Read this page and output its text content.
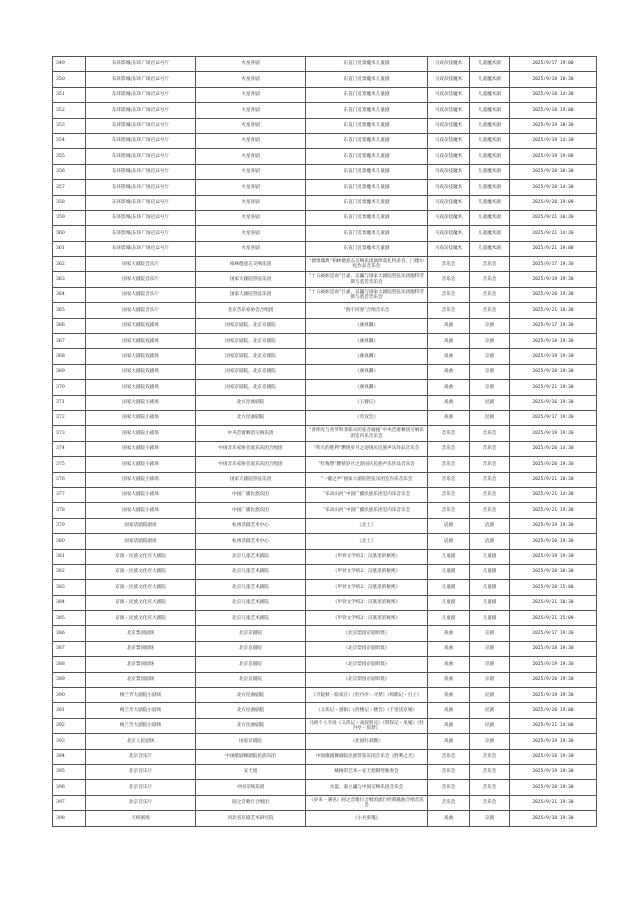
349	东环影城(东环广场店)2号厅	火星喜剧	东直门近景魔术儿童剧	马戏杂技魔术	儿童魔术剧	2025/9/17 19:00
350	东环影城(东环广场店)2号厅	火星喜剧	东直门近景魔术儿童剧	马戏杂技魔术	儿童魔术剧	2025/9/18 10:30
351	东环影城(东环广场店)2号厅	火星喜剧	东直门近景魔术儿童剧	马戏杂技魔术	儿童魔术剧	2025/9/18 14:30
352	东环影城(东环广场店)2号厅	火星喜剧	东直门近景魔术儿童剧	马戏杂技魔术	儿童魔术剧	2025/9/18 19:00
353	东环影城(东环广场店)2号厅	火星喜剧	东直门近景魔术儿童剧	马戏杂技魔术	儿童魔术剧	2025/9/19 10:30
354	东环影城(东环广场店)2号厅	火星喜剧	东直门近景魔术儿童剧	马戏杂技魔术	儿童魔术剧	2025/9/19 14:30
355	东环影城(东环广场店)2号厅	火星喜剧	东直门近景魔术儿童剧	马戏杂技魔术	儿童魔术剧	2025/9/19 19:00
356	东环影城(东环广场店)2号厅	火星喜剧	东直门近景魔术儿童剧	马戏杂技魔术	儿童魔术剧	2025/9/20 10:30
357	东环影城(东环广场店)2号厅	火星喜剧	东直门近景魔术儿童剧	马戏杂技魔术	儿童魔术剧	2025/9/20 14:30
358	东环影城(东环广场店)2号厅	火星喜剧	东直门近景魔术儿童剧	马戏杂技魔术	儿童魔术剧	2025/9/20 19:00
359	东环影城(东环广场店)2号厅	火星喜剧	东直门近景魔术儿童剧	马戏杂技魔术	儿童魔术剧	2025/9/21 10:30
360	东环影城(东环广场店)2号厅	火星喜剧	东直门近景魔术儿童剧	马戏杂技魔术	儿童魔术剧	2025/9/21 14:30
361	东环影城(东环广场店)2号厅	火星喜剧	东直门近景魔术儿童剧	马戏杂技魔术	儿童魔术剧	2025/9/21 19:00
362	国家大剧院音乐厅	柏林德意志交响乐团	“德奥瑰典”柏林德意志交响乐团演绎莫扎特多首、门德尔松作品音乐会	音乐会	音乐会	2025/9/17 19:30
363	国家大剧院音乐厅	国家大剧院管弦乐团	“十五载如是说”吕嘉、吴巍与国家大剧院管弦乐团施特劳斯与莫若音乐会	音乐会	音乐会	2025/9/19 19:30
364	国家大剧院音乐厅	国家大剧院管弦乐团	“十五载如是说”吕嘉、吴巍与国家大剧院管弦乐团施特劳斯与莫若音乐会	音乐会	音乐会	2025/9/20 19:30
365	国家大剧院音乐厅	北京音乐家协会合唱团	“海宇同春”合唱音乐会	音乐会	音乐会	2025/9/21 10:30
366	国家大剧院戏剧场	国家京剧院、北京京剧院	《颜真卿》	戏曲	京剧	2025/9/17 19:30
367	国家大剧院戏剧场	国家京剧院、北京京剧院	《颜真卿》	戏曲	京剧	2025/9/18 19:30
368	国家大剧院戏剧场	国家京剧院、北京京剧院	《颜真卿》	戏曲	京剧	2025/9/19 19:30
369	国家大剧院戏剧场	国家京剧院、北京京剧院	《颜真卿》	戏曲	京剧	2025/9/20 19:30
370	国家大剧院戏剧场	国家京剧院、北京京剧院	《颜真卿》	戏曲	京剧	2025/9/21 19:30
371	国家大剧院小剧场	北方昆曲剧院	《玉簪记》	戏曲	昆剧	2025/9/16 19:30
372	国家大剧院小剧场	北方昆曲剧院	《奇双会》	戏曲	昆剧	2025/9/17 19:30
373	国家大剧院小剧场	中央芭蕾舞团交响乐团	“普朗克与普罗科菲耶夫的弦音碰撞”中央芭蕾舞团交响乐团室内乐音乐会	音乐会	音乐会	2025/9/19 19:30
374	国家大剧院小剧场	中国音乐家协会爱乐乐团合唱团	“伟大的胜利”燃情岁月之迎国庆民族声乐作品音乐会	音乐会	音乐会	2025/9/20 14:30
375	国家大剧院小剧场	中国音乐家协会爱乐乐团合唱团	“红梅赞”燃情岁月之迎国庆民族声乐作品音乐会	音乐会	音乐会	2025/9/20 19:30
376	国家大剧院小剧场	国家大剧院管弦乐团	“一键之声”国家大剧院管弦乐团室内乐音乐会	音乐会	音乐会	2025/9/21 10:30
377	国家大剧院小剧场	中国广播民族乐团	“乐动山河”中国广播民族乐团室内乐音乐会	音乐会	音乐会	2025/9/21 14:30
378	国家大剧院小剧场	中国广播民族乐团	“乐动山河”中国广播民族乐团室内乐音乐会	音乐会	音乐会	2025/9/21 19:30
379	国家话剧院剧场	杭州话剧艺术中心	《北上》	话剧	话剧	2025/9/19 19:30
380	国家话剧院剧场	杭州话剧艺术中心	《北上》	话剧	话剧	2025/9/20 19:30
381	京演・民族文化宫大剧院	北京儿童艺术剧院	《甲骨文学校2：汉墓里的秘密》	儿童剧	儿童剧	2025/9/19 19:30
382	京演・民族文化宫大剧院	北京儿童艺术剧院	《甲骨文学校2：汉墓里的秘密》	儿童剧	儿童剧	2025/9/20 10:30
383	京演・民族文化宫大剧院	北京儿童艺术剧院	《甲骨文学校2：汉墓里的秘密》	儿童剧	儿童剧	2025/9/20 15:00
384	京演・民族文化宫大剧院	北京儿童艺术剧院	《甲骨文学校2：汉墓里的秘密》	儿童剧	儿童剧	2025/9/21 10:30
385	京演・民族文化宫大剧院	北京儿童艺术剧院	《甲骨文学校2：汉墓里的秘密》	儿童剧	儿童剧	2025/9/21 15:00
386	北京梨园剧场	北京京剧院	《北京梨园京剧串烧》	戏曲	京剧	2025/9/17 19:30
387	北京梨园剧场	北京京剧院	《北京梨园京剧串烧》	戏曲	京剧	2025/9/18 19:30
388	北京梨园剧场	北京京剧院	《北京梨园京剧串烧》	戏曲	京剧	2025/9/19 19:30
389	北京梨园剧场	北京京剧院	《北京梨园京剧串烧》	戏曲	京剧	2025/9/20 19:30
390	梅兰芳大剧院小剧场	北方昆曲剧院	《寺院秋・临家庄》《牡丹亭・寻梦》《鸣鹤记・打子》	戏曲	昆剧	2025/9/19 19:30
391	梅兰芳大剧院小剧场	北方昆曲剧院	《义侠记・游街》《西楼记・楼会》《千里送京娘》	戏曲	昆剧	2025/9/20 19:00
392	梅兰芳大剧院小剧场	北方昆曲剧院	马靖个人专场《义侠记・戏叔别兄》《荆钗记・见娘》《牡丹亭・惊梦》	戏曲	昆剧	2025/9/21 14:00
393	北京人民剧场	国家京剧院	《北国红叔嫂》	戏曲	京剧	2025/9/19 19:30
394	北京音乐厅	中国歌剧舞剧院民族乐团	中国歌剧舞剧院民族管弦乐团音乐会《胜利之光》	音乐会	音乐会	2025/9/18 19:30
395	北京音乐厅	安天旭	赋格的艺术—安天旭钢琴独奏会	音乐会	音乐会	2025/9/19 19:30
396	北京音乐厅	中国交响乐团	水蓝、秦立巍与中国交响乐团音乐会	音乐会	音乐会	2025/9/20 19:30
397	北京音乐厅	圆之音歌行合唱团	《岁来・遇见》圆之音歌行合唱团流行经典歌曲合唱音乐会	音乐会	音乐会	2025/9/21 19:30
398	天桥剧场	河北省京剧艺术研究院	《小兵张嘎》	戏曲	京剧	2025/9/18 19:30
